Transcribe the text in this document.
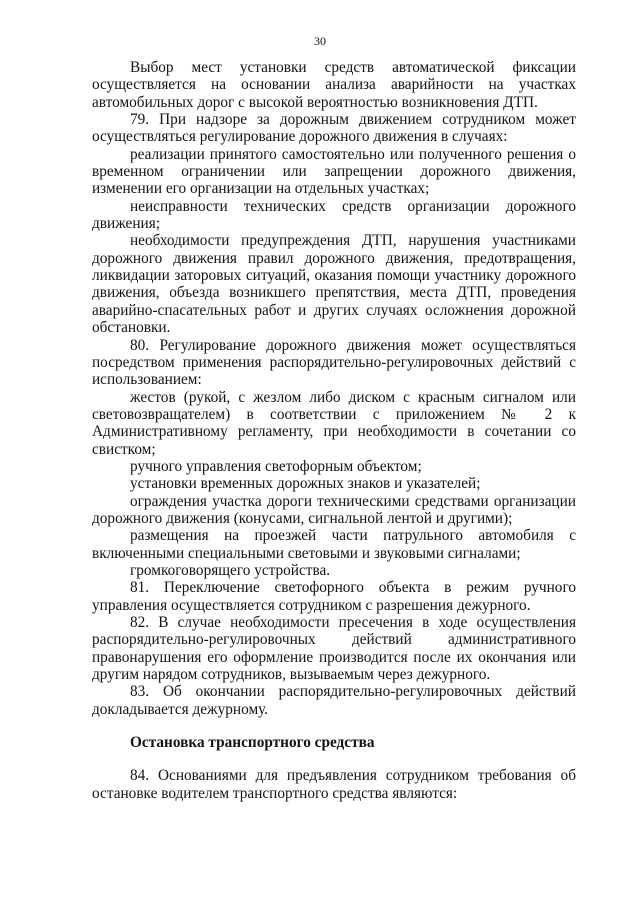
30

Выбор мест установки средств автоматической фиксации осуществляется на основании анализа аварийности на участках автомобильных дорог с высокой вероятностью возникновения ДТП.

79. При надзоре за дорожным движением сотрудником может осуществляться регулирование дорожного движения в случаях:

реализации принятого самостоятельно или полученного решения о временном ограничении или запрещении дорожного движения, изменении его организации на отдельных участках;

неисправности технических средств организации дорожного движения;

необходимости предупреждения ДТП, нарушения участниками дорожного движения правил дорожного движения, предотвращения, ликвидации заторовых ситуаций, оказания помощи участнику дорожного движения, объезда возникшего препятствия, места ДТП, проведения аварийно-спасательных работ и других случаях осложнения дорожной обстановки.

80. Регулирование дорожного движения может осуществляться посредством применения распорядительно-регулировочных действий с использованием:

жестов (рукой, с жезлом либо диском с красным сигналом или световозвращателем) в соответствии с приложением № 2 к Административному регламенту, при необходимости в сочетании со свистком;

ручного управления светофорным объектом;

установки временных дорожных знаков и указателей;

ограждения участка дороги техническими средствами организации дорожного движения (конусами, сигнальной лентой и другими);

размещения на проезжей части патрульного автомобиля с включенными специальными световыми и звуковыми сигналами;

громкоговорящего устройства.

81. Переключение светофорного объекта в режим ручного управления осуществляется сотрудником с разрешения дежурного.

82. В случае необходимости пресечения в ходе осуществления распорядительно-регулировочных действий административного правонарушения его оформление производится после их окончания или другим нарядом сотрудников, вызываемым через дежурного.

83. Об окончании распорядительно-регулировочных действий докладывается дежурному.

Остановка транспортного средства

84. Основаниями для предъявления сотрудником требования об остановке водителем транспортного средства являются:
